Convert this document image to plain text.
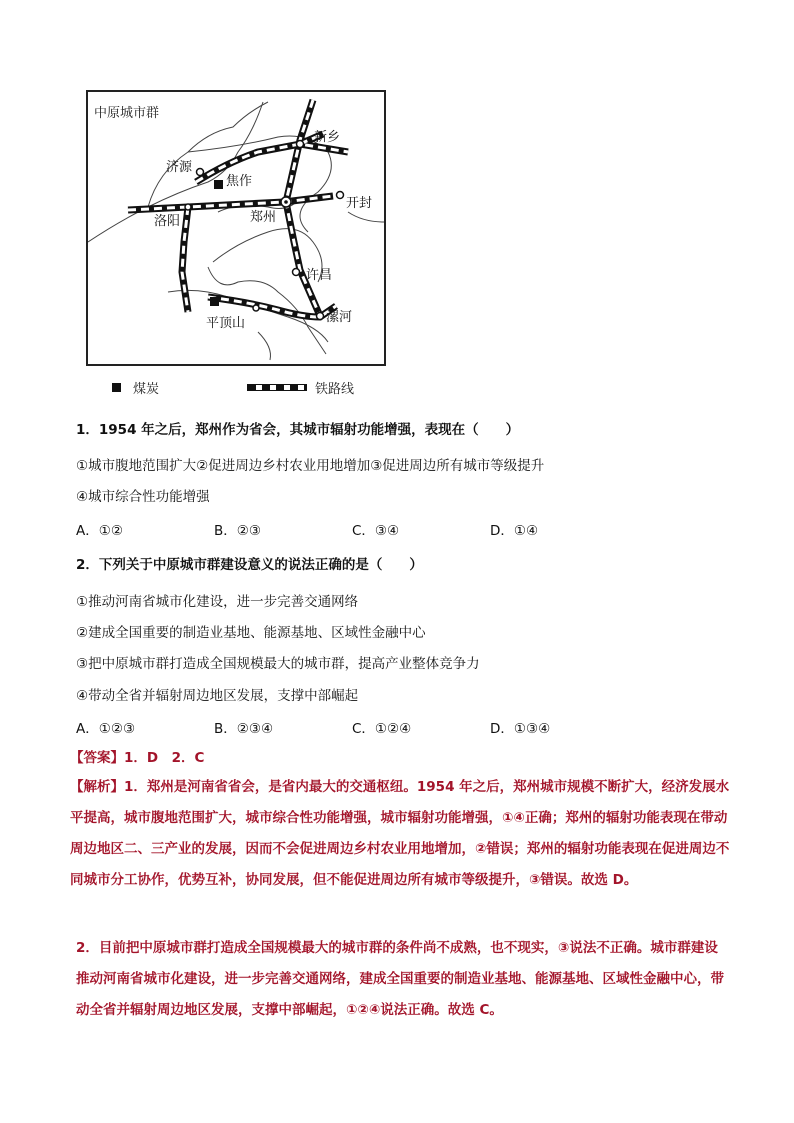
中原城市群
新乡
济源
焦作
洛阳	郑州
开封
许昌
平顶山	漯河
煤炭	铁路线
1．1954 年之后，郑州作为省会，其城市辐射功能增强，表现在（　　）
①城市腹地范围扩大②促进周边乡村农业用地增加③促进周边所有城市等级提升
④城市综合性功能增强
A．①②	B．②③	C．③④	D．①④
2．下列关于中原城市群建设意义的说法正确的是（　　）
①推动河南省城市化建设，进一步完善交通网络
②建成全国重要的制造业基地、能源基地、区域性金融中心
③把中原城市群打造成全国规模最大的城市群，提高产业整体竞争力
④带动全省并辐射周边地区发展，支撑中部崛起
A．①②③	B．②③④	C．①②④	D．①③④
【答案】1．D　2．C
【解析】1．郑州是河南省省会，是省内最大的交通枢纽。1954 年之后，郑州城市规模不断扩大，经济发展水平提高，城市腹地范围扩大，城市综合性功能增强，城市辐射功能增强，①④正确；郑州的辐射功能表现在带动周边地区二、三产业的发展，因而不会促进周边乡村农业用地增加，②错误；郑州的辐射功能表现在促进周边不同城市分工协作，优势互补，协同发展，但不能促进周边所有城市等级提升，③错误。故选 D。
2．目前把中原城市群打造成全国规模最大的城市群的条件尚不成熟，也不现实，③说法不正确。城市群建设推动河南省城市化建设，进一步完善交通网络，建成全国重要的制造业基地、能源基地、区域性金融中心，带动全省并辐射周边地区发展，支撑中部崛起，①②④说法正确。故选 C。
